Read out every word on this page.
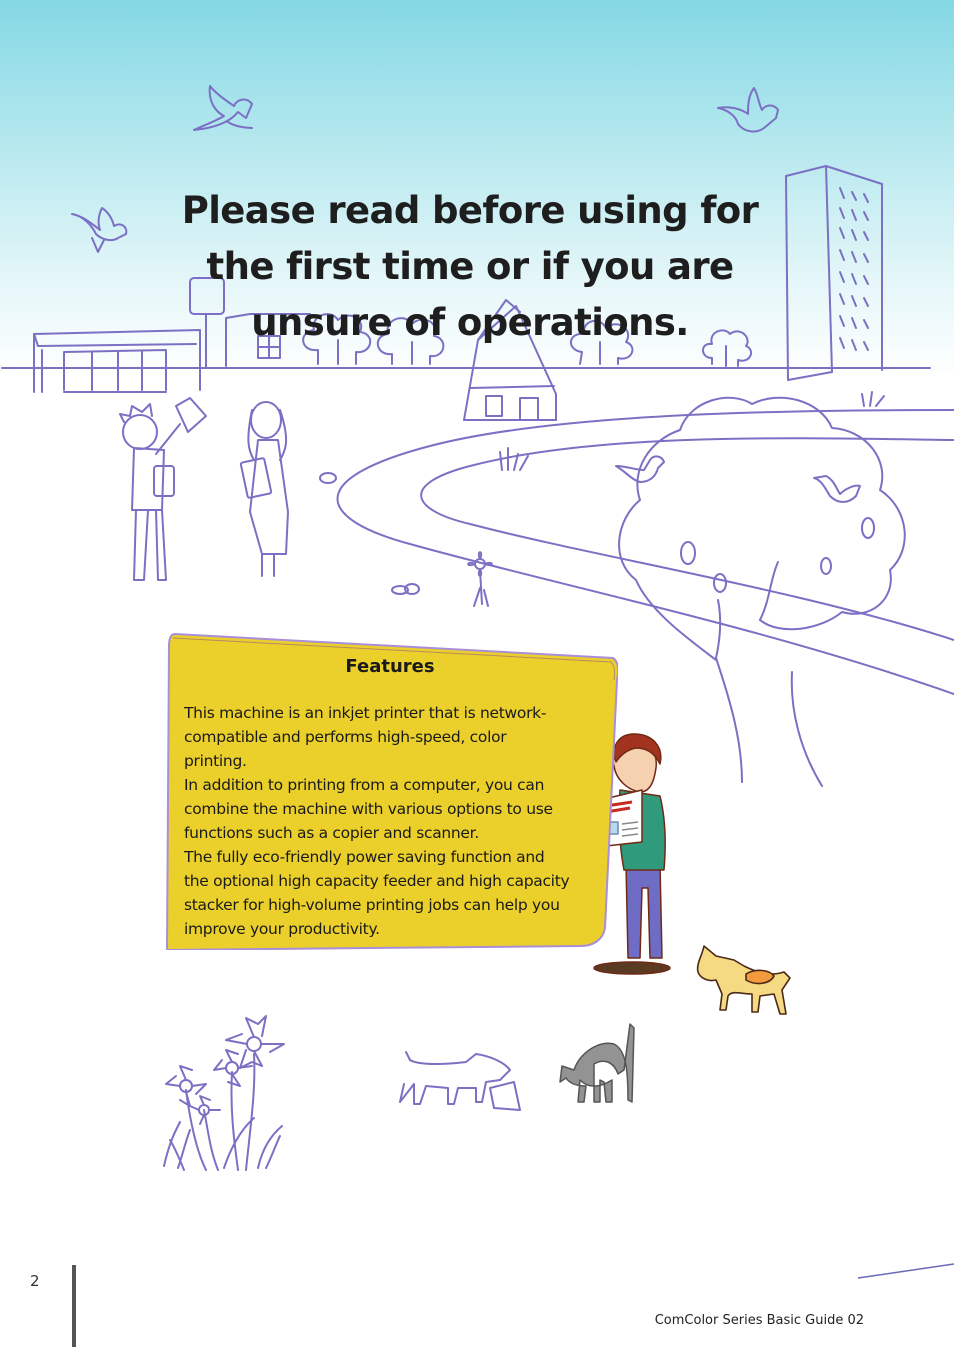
Please read before using for
the first time or if you are
unsure of operations.
Features
This machine is an inkjet printer that is network-
compatible and performs high-speed, color
printing.
In addition to printing from a computer, you can
combine the machine with various options to use
functions such as a copier and scanner.
The fully eco-friendly power saving function and
the optional high capacity feeder and high capacity
stacker for high-volume printing jobs can help you
improve your productivity.
2
ComColor Series Basic Guide 02
